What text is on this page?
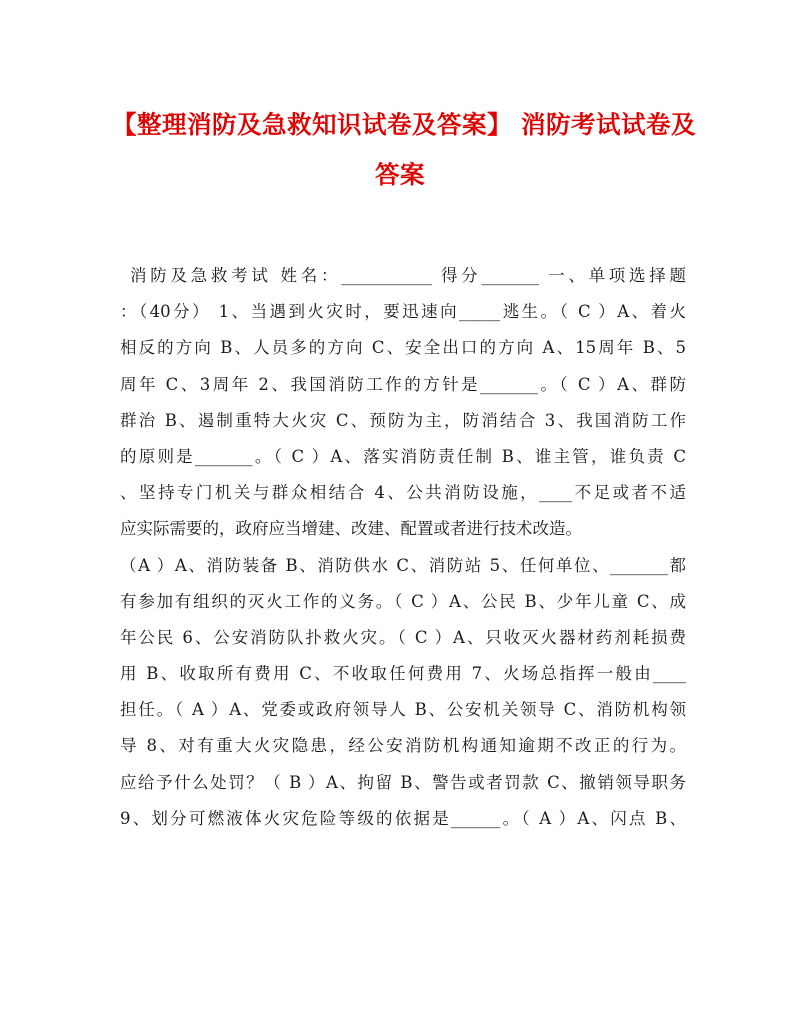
【整理消防及急救知识试卷及答案】 消防考试试卷及
答案
消防及急救考试 姓名：___________ 得分_______ 一、单项选择题
：（40分） 1、当遇到火灾时，要迅速向_____逃生。（ C ）A、着火
相反的方向 B、人员多的方向 C、安全出口的方向 A、15周年 B、5
周年 C、3周年 2、我国消防工作的方针是_______。（ C ）A、群防
群治 B、遏制重特大火灾 C、预防为主，防消结合 3、我国消防工作
的原则是_______。（ C ）A、落实消防责任制 B、谁主管，谁负责 C
、坚持专门机关与群众相结合 4、公共消防设施，____不足或者不适
应实际需要的，政府应当增建、改建、配置或者进行技术改造。
（A ）A、消防装备 B、消防供水 C、消防站 5、任何单位、_______都
有参加有组织的灭火工作的义务。（ C ）A、公民 B、少年儿童 C、成
年公民 6、公安消防队扑救火灾。（ C ）A、只收灭火器材药剂耗损费
用 B、收取所有费用 C、不收取任何费用 7、火场总指挥一般由____
担任。（ A ）A、党委或政府领导人 B、公安机关领导 C、消防机构领
导 8、对有重大火灾隐患，经公安消防机构通知逾期不改正的行为。
应给予什么处罚？（ B ）A、拘留 B、警告或者罚款 C、撤销领导职务
9、划分可燃液体火灾危险等级的依据是______。（ A ）A、闪点 B、
